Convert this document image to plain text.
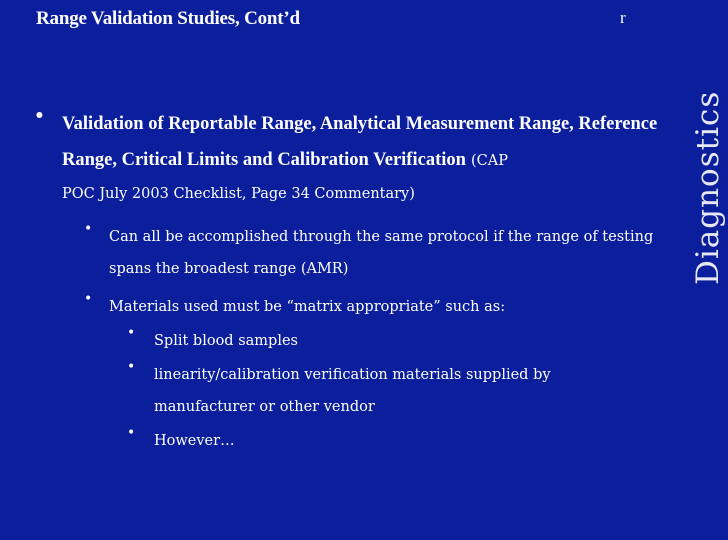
Range Validation Studies, Cont’d	r
Diagnostics
• Validation of Reportable Range, Analytical Measurement Range, Reference Range, Critical Limits and Calibration Verification (CAP
POC July 2003 Checklist, Page 34 Commentary)
• Can all be accomplished through the same protocol if the range of testing spans the broadest range (AMR)
• Materials used must be “matrix appropriate” such as:
• Split blood samples
• linearity/calibration verification materials supplied by manufacturer or other vendor
• However…
